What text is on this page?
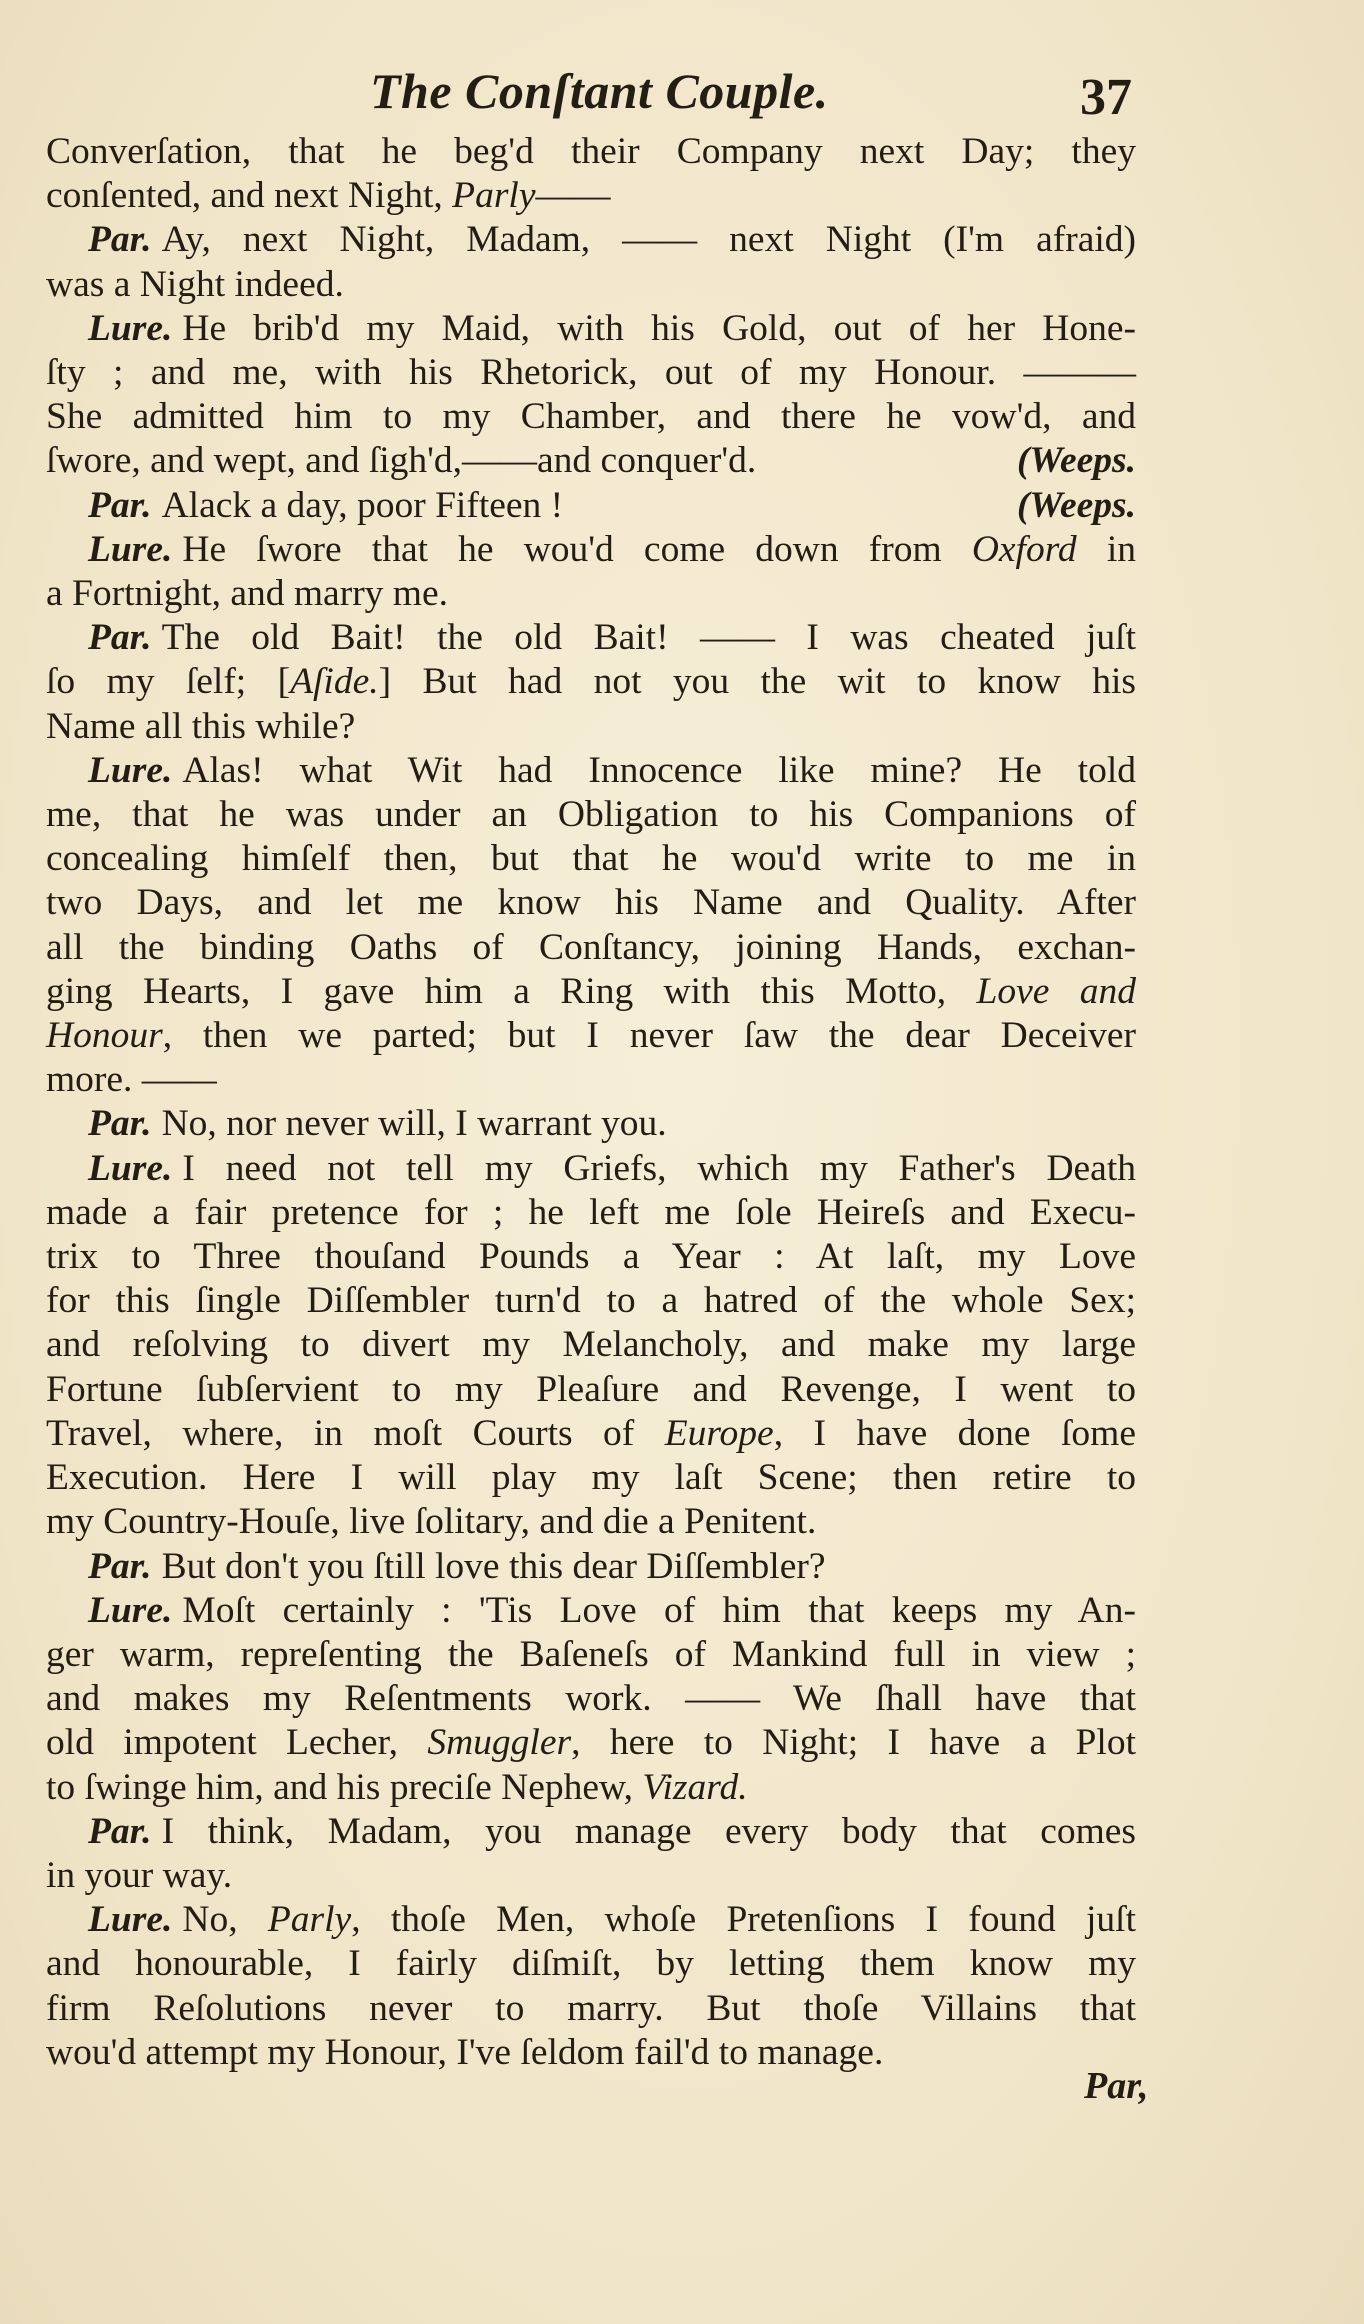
The Conſtant Couple.	37
Converſation, that he beg'd their Company next Day; they
conſented, and next Night, Parly——
Par. Ay, next Night, Madam, —— next Night (I'm afraid)
was a Night indeed.
Lure. He brib'd my Maid, with his Gold, out of her Hone-
ſty ; and me, with his Rhetorick, out of my Honour. ———
She admitted him to my Chamber, and there he vow'd, and
(Weeps.
ſwore, and wept, and ſigh'd,——and conquer'd.
(Weeps.
Par. Alack a day, poor Fifteen !
Lure. He ſwore that he wou'd come down from Oxford in
a Fortnight, and marry me.
Par. The old Bait! the old Bait! —— I was cheated juſt
ſo my ſelf; [Aſide.] But had not you the wit to know his
Name all this while?
Lure. Alas! what Wit had Innocence like mine? He told
me, that he was under an Obligation to his Companions of
concealing himſelf then, but that he wou'd write to me in
two Days, and let me know his Name and Quality. After
all the binding Oaths of Conſtancy, joining Hands, exchan-
ging Hearts, I gave him a Ring with this Motto, Love and
Honour, then we parted; but I never ſaw the dear Deceiver
more. ——
Par. No, nor never will, I warrant you.
Lure. I need not tell my Griefs, which my Father's Death
made a fair pretence for ; he left me ſole Heireſs and Execu-
trix to Three thouſand Pounds a Year : At laſt, my Love
for this ſingle Diſſembler turn'd to a hatred of the whole Sex;
and reſolving to divert my Melancholy, and make my large
Fortune ſubſervient to my Pleaſure and Revenge, I went to
Travel, where, in moſt Courts of Europe, I have done ſome
Execution. Here I will play my laſt Scene; then retire to
my Country-Houſe, live ſolitary, and die a Penitent.
Par. But don't you ſtill love this dear Diſſembler?
Lure. Moſt certainly : 'Tis Love of him that keeps my An-
ger warm, repreſenting the Baſeneſs of Mankind full in view ;
and makes my Reſentments work. —— We ſhall have that
old impotent Lecher, Smuggler, here to Night; I have a Plot
to ſwinge him, and his preciſe Nephew, Vizard.
Par. I think, Madam, you manage every body that comes
in your way.
Lure. No, Parly, thoſe Men, whoſe Pretenſions I found juſt
and honourable, I fairly diſmiſt, by letting them know my
firm Reſolutions never to marry. But thoſe Villains that
wou'd attempt my Honour, I've ſeldom fail'd to manage.
Par,
